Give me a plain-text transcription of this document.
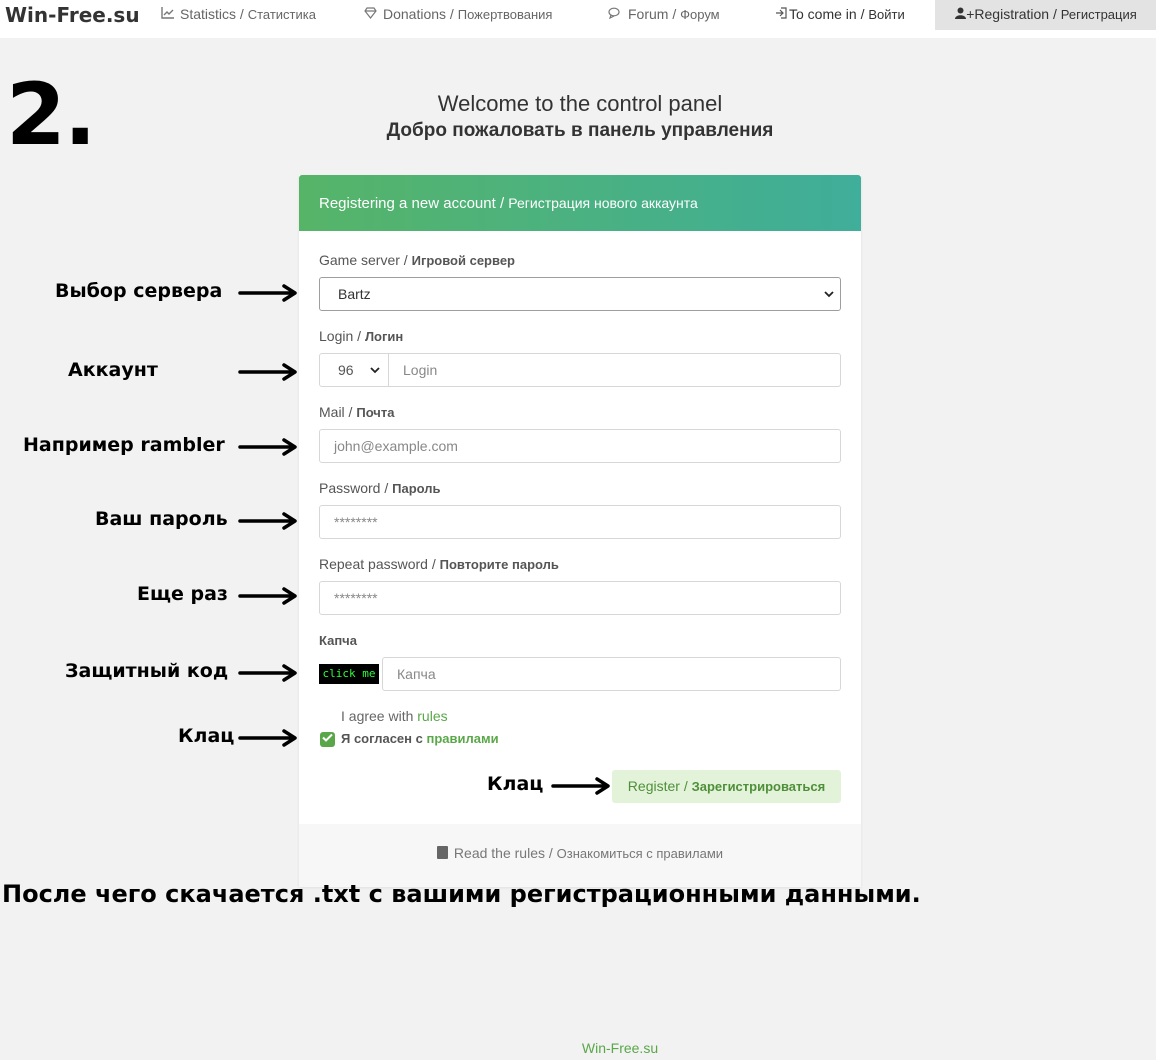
Win-Free.su	Statistics / Статистика	Donations / Пожертвования	Forum / Форум	To come in / Войти	+Registration / Регистрация
2.	Welcome to the control panel
Добро пожаловать в панель управления
Registering a new account / Регистрация нового аккаунта
Game server / Игровой сервер
Bartz
Login / Логин
96	Login
Mail / Почта
john@example.com
Password / Пароль
********
Repeat password / Повторите пароль
********
Капча
click me	Капча
I agree with rules
Я согласен с правилами
Register / Зарегистрироваться
Read the rules / Ознакомиться с правилами
Выбор сервера
Аккаунт
Например rambler
Ваш пароль
Еще раз
Защитный код
Клац
Клац
После чего скачается .txt с вашими регистрационными данными.
Win-Free.su
